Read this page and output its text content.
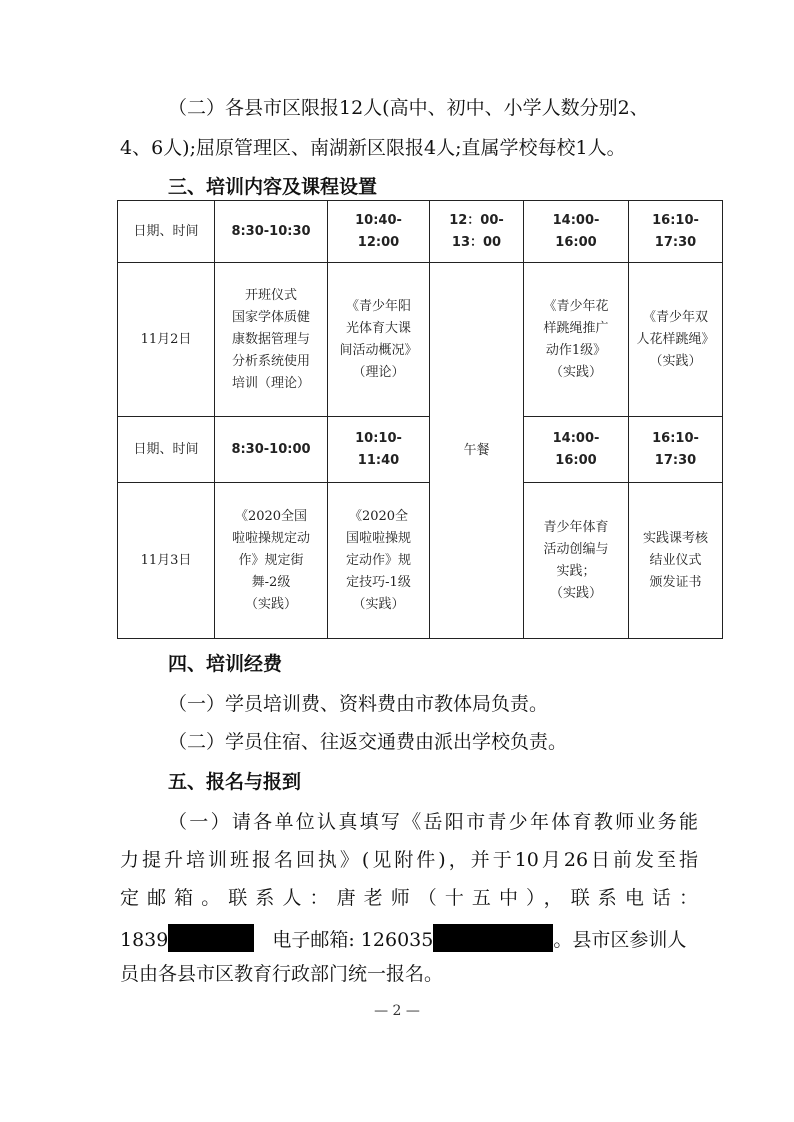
（二）各县市区限报12人(高中、初中、小学人数分别2、
4、6人);屈原管理区、南湖新区限报4人;直属学校每校1人。
三、培训内容及课程设置
日期、时间	8:30-10:30	10:40-
12:00	12：00-
13：00	14:00-
16:00	16:10-
17:30

11月2日	开班仪式
国家学体质健
康数据管理与
分析系统使用
培训（理论）	《青少年阳
光体育大课
间活动概况》
（理论）	午餐	《青少年花
样跳绳推广
动作1级》
（实践）	《青少年双
人花样跳绳》
（实践）

日期、时间	8:30-10:00	10:10-
11:40		14:00-
16:00	16:10-
17:30

11月3日	《2020全国
啦啦操规定动
作》规定街
舞-2级
（实践）	《2020全
国啦啦操规
定动作》规
定技巧-1级
（实践）		青少年体育
活动创编与
实践；
（实践）	实践课考核
结业仪式
颁发证书
四、培训经费
（一）学员培训费、资料费由市教体局负责。
（二）学员住宿、往返交通费由派出学校负责。
五、报名与报到
（一）请各单位认真填写《岳阳市青少年体育教师业务能
力提升培训班报名回执》(见附件)，并于10月26日前发至指
定邮箱。联系人：唐老师（十五中），联系电话：
1839	电子邮箱: 126035	。县市区参训人
员由各县市区教育行政部门统一报名。
— 2 —
